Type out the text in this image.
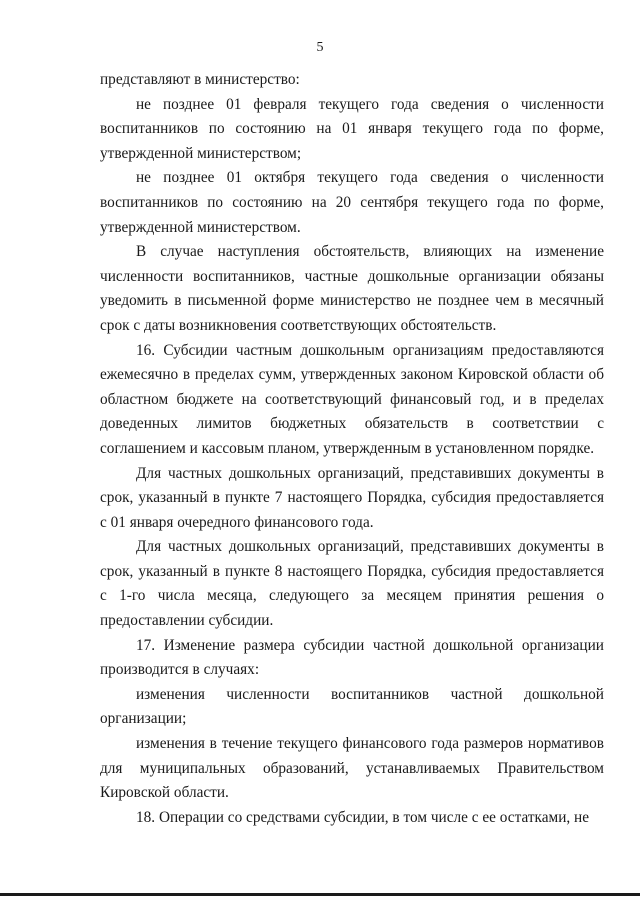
5

представляют в министерство:

не позднее 01 февраля текущего года сведения о численности воспитанников по состоянию на 01 января текущего года по форме, утвержденной министерством;

не позднее 01 октября текущего года сведения о численности воспитанников по состоянию на 20 сентября текущего года по форме, утвержденной министерством.

В случае наступления обстоятельств, влияющих на изменение численности воспитанников, частные дошкольные организации обязаны уведомить в письменной форме министерство не позднее чем в месячный срок с даты возникновения соответствующих обстоятельств.

16. Субсидии частным дошкольным организациям предоставляются ежемесячно в пределах сумм, утвержденных законом Кировской области об областном бюджете на соответствующий финансовый год, и в пределах доведенных лимитов бюджетных обязательств в соответствии с соглашением и кассовым планом, утвержденным в установленном порядке.

Для частных дошкольных организаций, представивших документы в срок, указанный в пункте 7 настоящего Порядка, субсидия предоставляется с 01 января очередного финансового года.

Для частных дошкольных организаций, представивших документы в срок, указанный в пункте 8 настоящего Порядка, субсидия предоставляется с 1-го числа месяца, следующего за месяцем принятия решения о предоставлении субсидии.

17. Изменение размера субсидии частной дошкольной организации производится в случаях:

изменения численности воспитанников частной дошкольной организации;

изменения в течение текущего финансового года размеров нормативов для муниципальных образований, устанавливаемых Правительством Кировской области.

18. Операции со средствами субсидии, в том числе с ее остатками, не
